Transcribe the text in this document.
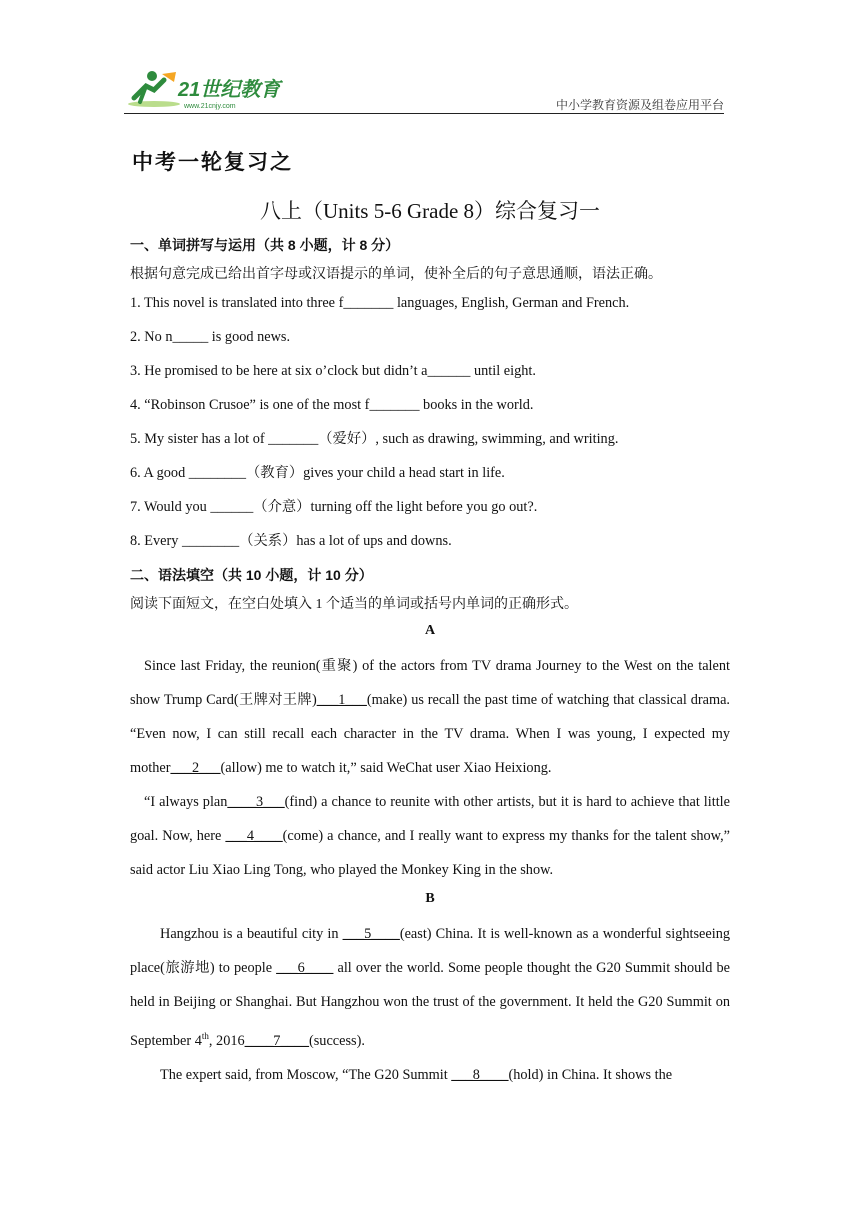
21世纪教育
www.21cnjy.com	中小学教育资源及组卷应用平台
中考一轮复习之
八上（Units 5-6 Grade 8）综合复习一
一、单词拼写与运用（共 8 小题，计 8 分）
根据句意完成已给出首字母或汉语提示的单词，使补全后的句子意思通顺，语法正确。
1. This novel is translated into three f_______ languages, English, German and French.
2. No n_____ is good news.
3. He promised to be here at six o’clock but didn’t a______ until eight.
4. “Robinson Crusoe” is one of the most f_______ books in the world.
5. My sister has a lot of _______（爱好）, such as drawing, swimming, and writing.
6. A good ________（教育）gives your child a head start in life.
7. Would you ______（介意）turning off the light before you go out?.
8. Every ________（关系）has a lot of ups and downs.
二、语法填空（共 10 小题，计 10 分）
阅读下面短文，在空白处填入 1 个适当的单词或括号内单词的正确形式。
A

Since last Friday, the reunion(重聚) of the actors from TV drama Journey to the West on the talent show Trump Card(王牌对王牌)___1___(make) us recall the past time of watching that classical drama. “Even now, I can still recall each character in the TV drama. When I was young, I expected my mother___2___(allow) me to watch it,” said WeChat user Xiao Heixiong.

“I always plan____3___(find) a chance to reunite with other artists, but it is hard to achieve that little goal. Now, here ___4____(come) a chance, and I really want to express my thanks for the talent show,” said actor Liu Xiao Ling Tong, who played the Monkey King in the show.

B

Hangzhou is a beautiful city in ___5____(east) China. It is well-known as a wonderful sightseeing place(旅游地) to people ___6____ all over the world. Some people thought the G20 Summit should be held in Beijing or Shanghai. But Hangzhou won the trust of the government. It held the G20 Summit on September 4th, 2016____7____(success).

The expert said, from Moscow, “The G20 Summit ___8____(hold) in China. It shows the
